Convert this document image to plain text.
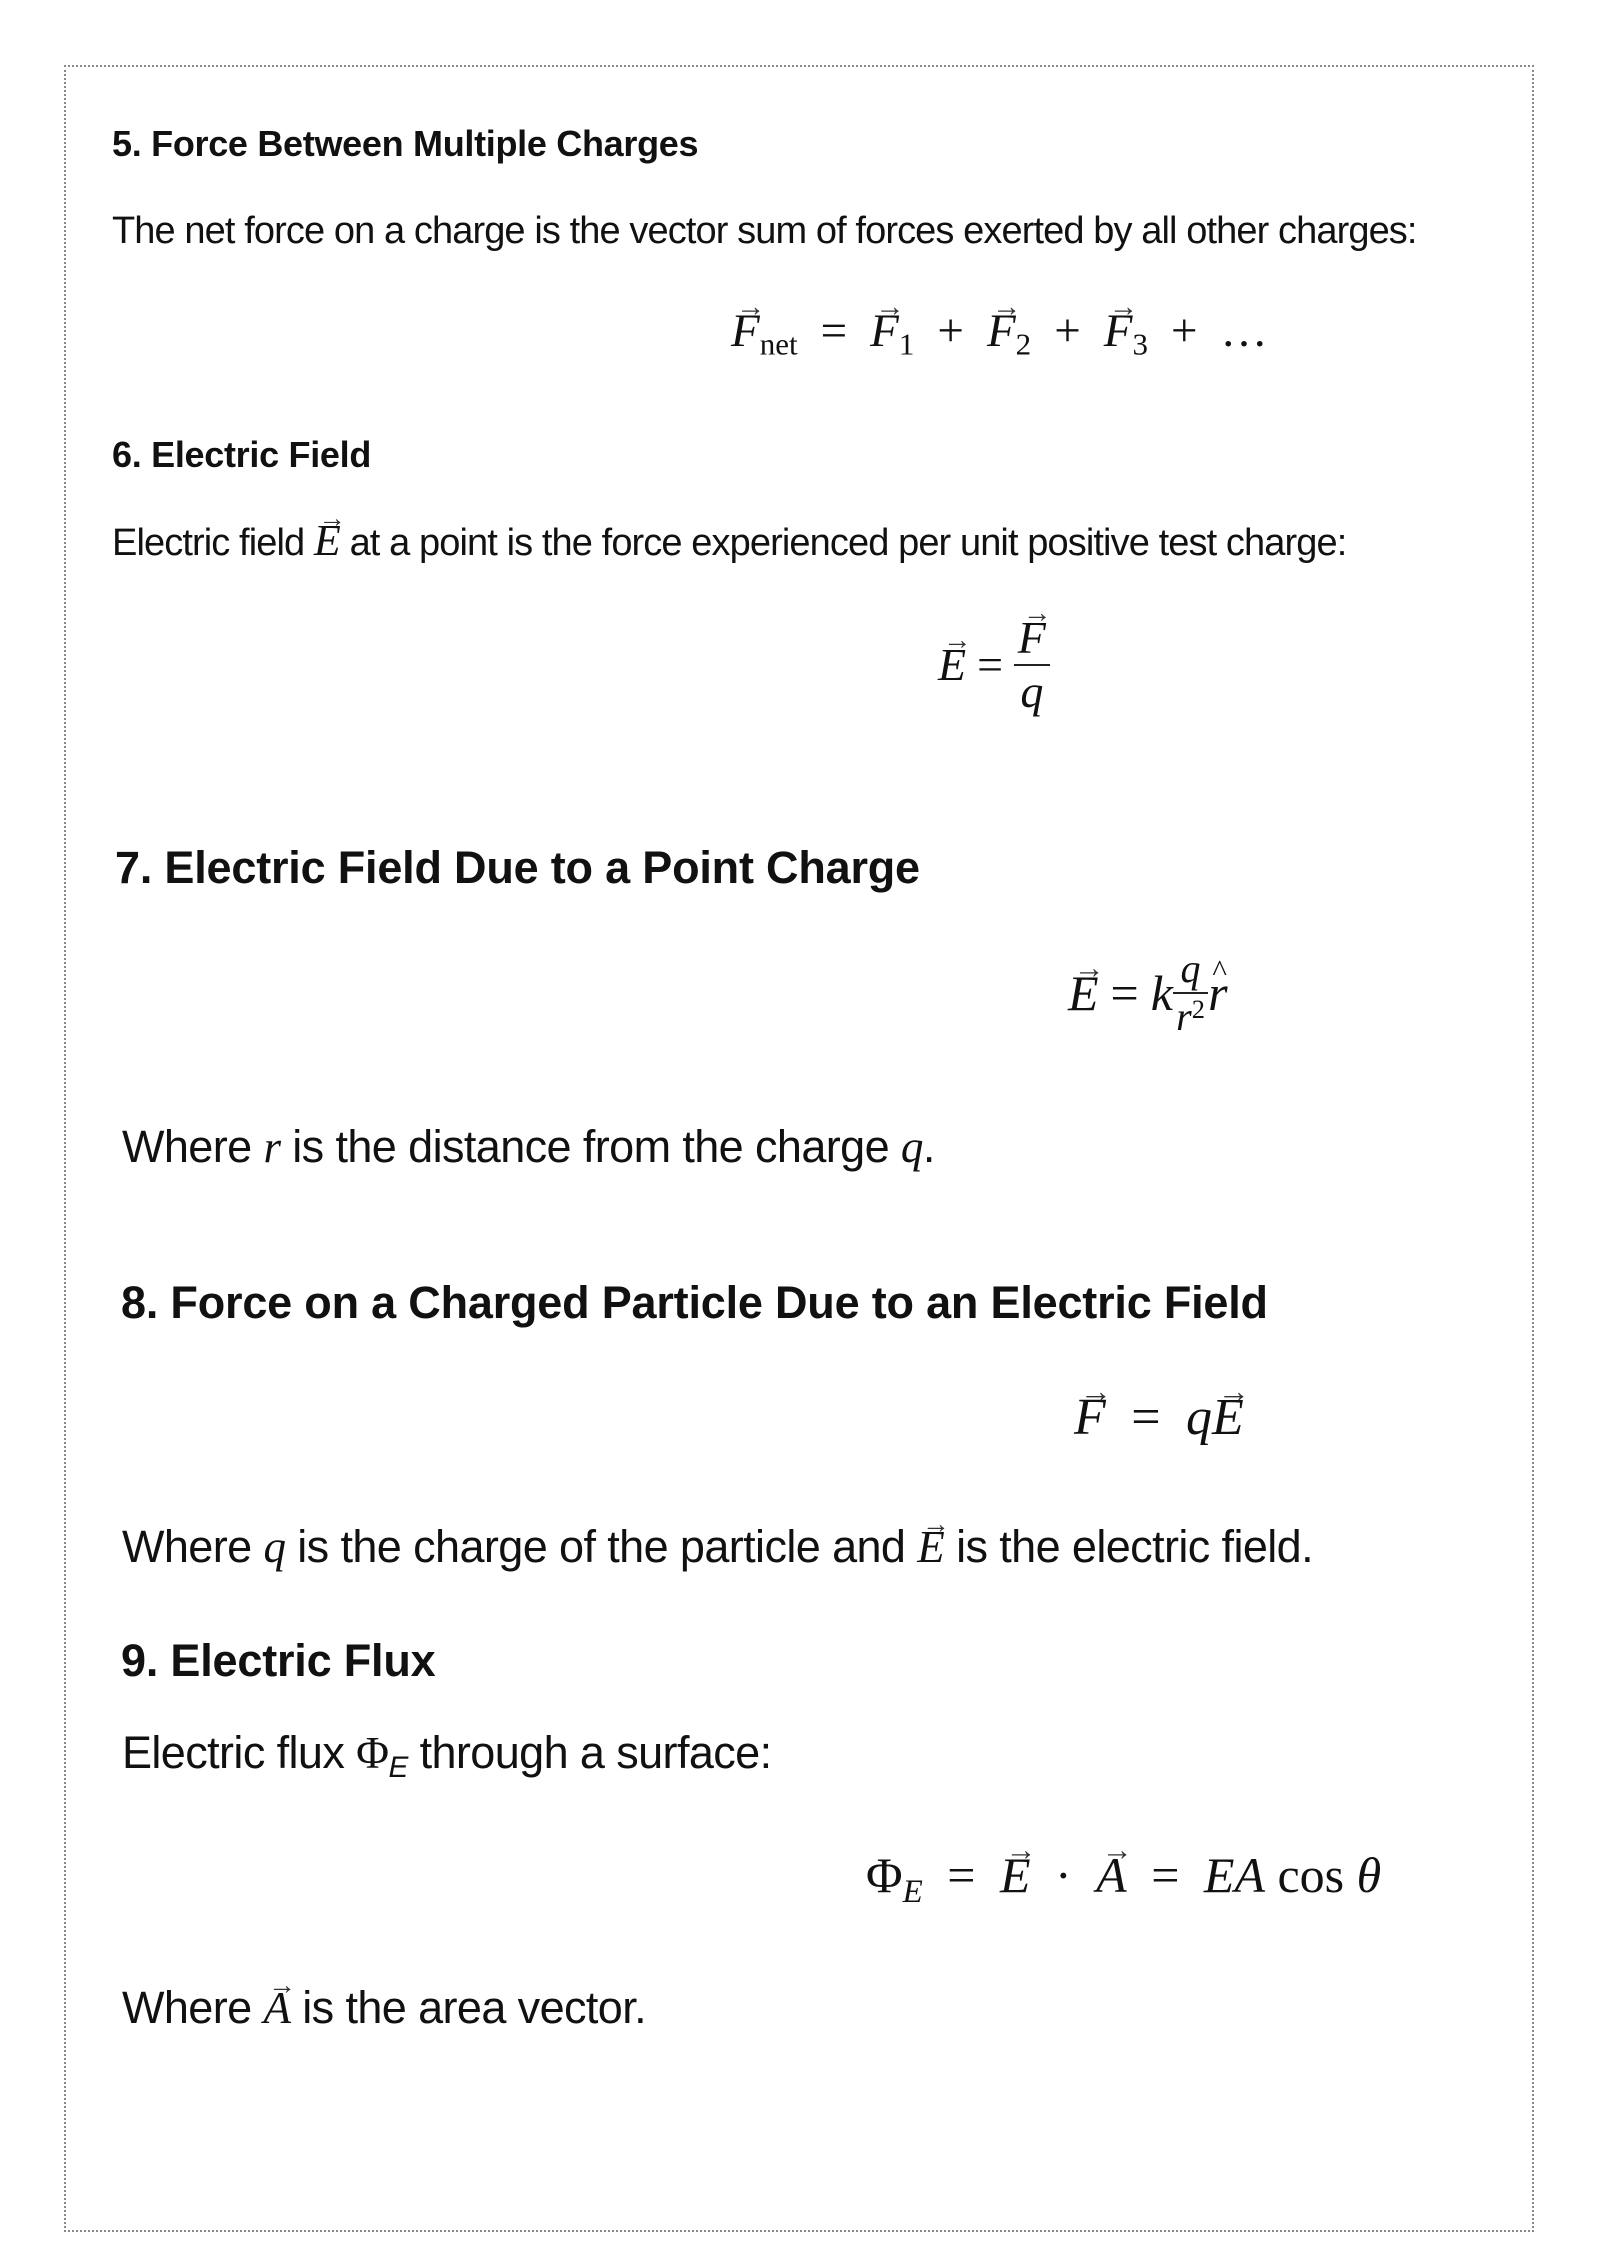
5. Force Between Multiple Charges
The net force on a charge is the vector sum of forces exerted by all other charges:
→ $F_{net}$ = → $F_1$ + → $F_2$ + → $F_3$ + …
6. Electric Field
Electric field → E at a point is the force experienced per unit positive test charge:
→ E = → $\frac{F}{q}$
7. Electric Field Due to a Point Charge
→ E = k $\frac{q}{r^2}$ ^ r
Where r is the distance from the charge q.
8. Force on a Charged Particle Due to an Electric Field
→ F = q→ E
Where q is the charge of the particle and → E is the electric field.
9. Electric Flux
Electric flux ΦE through a surface:
ΦE = → E · → A = EA cos θ
Where → A is the area vector.
